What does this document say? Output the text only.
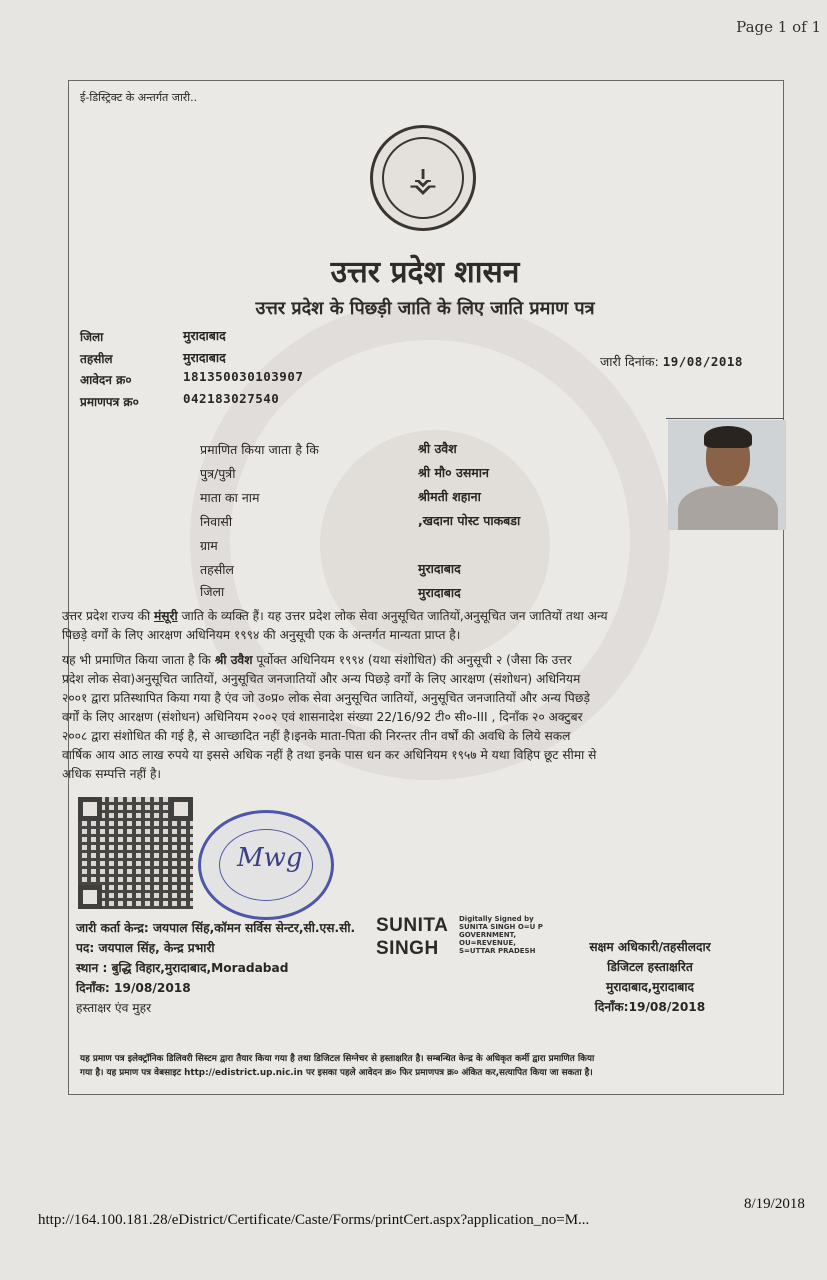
Page 1 of 1
ई-डिस्ट्रिक्ट के अन्तर्गत जारी..
⚶
उत्तर प्रदेश शासन
उत्तर प्रदेश के पिछड़ी जाति के लिए जाति प्रमाण पत्र
जिला	मुरादाबाद
तहसील	मुरादाबाद
आवेदन क्र०	181350030103907
प्रमाणपत्र क्र०	042183027540
जारी दिनांक: 19/08/2018
प्रमाणित किया जाता है कि	श्री उवैश
पुत्र/पुत्री	श्री मौ० उसमान
माता का नाम	श्रीमती शहाना
निवासी	,खदाना पोस्ट पाकबडा
ग्राम
तहसील	मुरादाबाद
जिला	मुरादाबाद
उत्तर प्रदेश राज्य की मंसूरी जाति के व्यक्ति हैं। यह उत्तर प्रदेश लोक सेवा अनुसूचित जातियों,अनुसूचित जन जातियों तथा अन्य
पिछड़े वर्गों के लिए आरक्षण अधिनियम १९९४ की अनुसूची एक के अन्तर्गत मान्यता प्राप्त है।
यह भी प्रमाणित किया जाता है कि श्री उवैश पूर्वोक्त अधिनियम १९९४ (यथा संशोधित) की अनुसूची २ (जैसा कि उत्तर
प्रदेश लोक सेवा)अनुसूचित जातियों, अनुसूचित जनजातियों और अन्य पिछड़े वर्गों के लिए आरक्षण (संशोधन) अधिनियम
२००१ द्वारा प्रतिस्थापित किया गया है एंव जो उ०प्र० लोक सेवा अनुसूचित जातियों, अनुसूचित जनजातियों और अन्य पिछड़े
वर्गों के लिए आरक्षण (संशोधन) अधिनियम २००२ एवं शासनादेश संख्या 22/16/92 टी० सी०-III , दिनाँक २० अक्टुबर
२००८ द्वारा संशोधित की गई है, से आच्छादित नहीं है।इनके माता-पिता की निरन्तर तीन वर्षों की अवधि के लिये सकल
वार्षिक आय आठ लाख रुपये या इससे अधिक नहीं है तथा इनके पास धन कर अधिनियम १९५७ मे यथा विहिप छूट सीमा से
अधिक सम्पत्ति नहीं है।
Mwg
जारी कर्ता केन्द्र: जयपाल सिंह,कॉमन सर्विस सेन्टर,सी.एस.सी.
पद: जयपाल सिंह, केन्द्र प्रभारी
स्थान : बुद्धि विहार,मुरादाबाद,Moradabad
दिनाँक: 19/08/2018
हस्ताक्षर एंव मुहर
SUNITA
SINGH
Digitally Signed by
SUNITA SINGH O=U P
GOVERNMENT,
OU=REVENUE,
S=UTTAR PRADESH	सक्षम अधिकारी/तहसीलदार
डिजिटल हस्ताक्षरित
मुरादाबाद,मुरादाबाद
दिनाँक:19/08/2018
यह प्रमाण पत्र इलेक्ट्रॉनिक डिलिवरी सिस्टम द्वारा तैयार किया गया है तथा डिजिटल सिग्नेचर से हस्ताक्षरित है। सम्बन्धित केन्द्र के अधिकृत कर्मी द्वारा प्रमाणित किया
गया है। यह प्रमाण पत्र वेबसाइट http://edistrict.up.nic.in पर इसका पहले आवेदन क्र० फिर प्रमाणपत्र क्र० अंकित कर,सत्यापित किया जा सकता है।
http://164.100.181.28/eDistrict/Certificate/Caste/Forms/printCert.aspx?application_no=M...
8/19/2018
